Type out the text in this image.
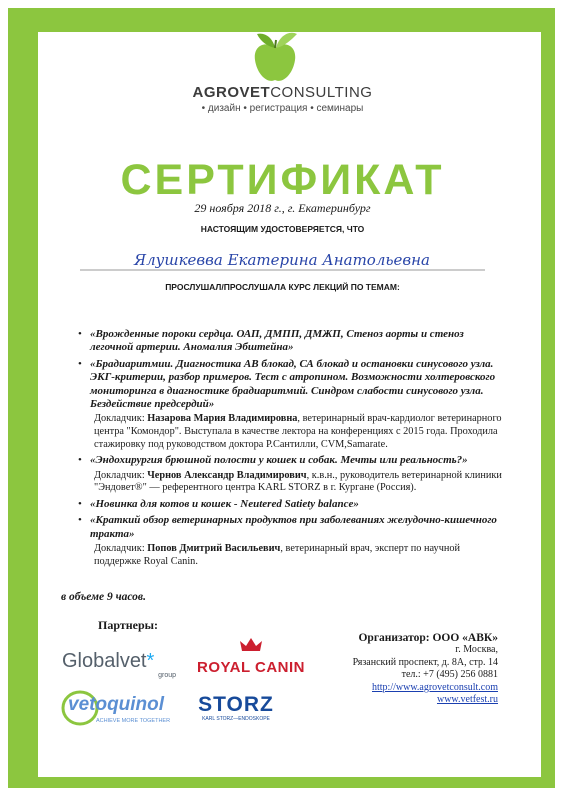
AGROVETCONSULTING
• дизайн • регистрация • семинары
СЕРТИФИКАТ
29 ноября 2018 г., г. Екатеринбург
НАСТОЯЩИМ УДОСТОВЕРЯЕТСЯ, ЧТО
Ялушкевва Екатерина Анатольевна
ПРОСЛУШАЛ/ПРОСЛУШАЛА КУРС ЛЕКЦИЙ ПО ТЕМАМ:
• «Врожденные пороки сердца. ОАП, ДМПП, ДМЖП, Стеноз аорты и стеноз легочной артерии. Аномалия Эбштейна»
• «Брадиаритмии. Диагностика АВ блокад, СА блокад и остановки синусового узла. ЭКГ-критерии, разбор примеров. Тест с атропином. Возможности холтеровского мониторинга в диагностике брадиаритмий. Синдром слабости синусового узла. Бездействие предсердий»
Докладчик: Назарова Мария Владимировна, ветеринарный врач-кардиолог ветеринарного центра "Комондор". Выступала в качестве лектора на конференциях с 2015 года. Проходила стажировку под руководством доктора Р.Сантилли, CVM,Samarate.
• «Эндохирургия брюшной полости у кошек и собак. Мечты или реальность?»
Докладчик: Чернов Александр Владимирович, к.в.н., руководитель ветеринарной клиники "Эндовет®" — референтного центра KARL STORZ в г. Кургане (Россия).
• «Новинка для котов и кошек - Neutered Satiety balance»
• «Краткий обзор ветеринарных продуктов при заболеваниях желудочно-кишечного тракта»
Докладчик: Попов Дмитрий Васильевич, ветеринарный врач, эксперт по научной поддержке Royal Canin.
в объеме 9 часов.
Партнеры:
Globalvet*
group	ROYAL CANIN
vetoquinol
ACHIEVE MORE TOGETHER
STORZ
KARL STORZ—ENDOSKOPE
Организатор: ООО «АВК»
г. Москва,
Рязанский проспект, д. 8А, стр. 14
тел.: +7 (495) 256 0881
http://www.agrovetconsult.com
www.vetfest.ru
